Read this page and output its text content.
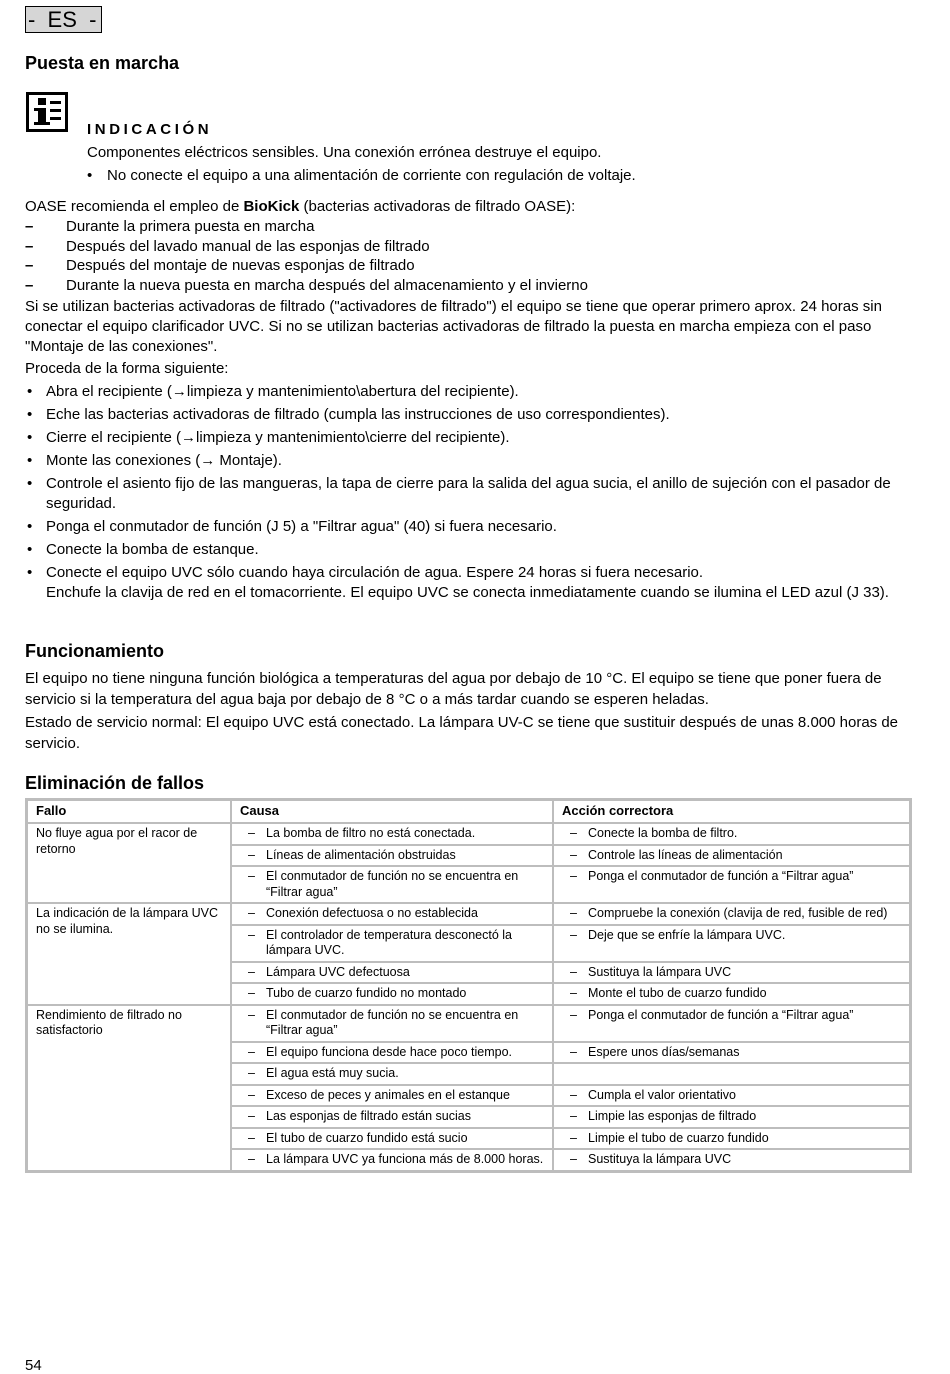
-  ES  -
Puesta en marcha
INDICACIÓN
Componentes eléctricos sensibles. Una conexión errónea destruye el equipo.
• No conecte el equipo a una alimentación de corriente con regulación de voltaje.

OASE recomienda el empleo de BioKick (bacterias activadoras de filtrado OASE):

– Durante la primera puesta en marcha
– Después del lavado manual de las esponjas de filtrado
– Después del montaje de nuevas esponjas de filtrado
– Durante la nueva puesta en marcha después del almacenamiento y el invierno

Si se utilizan bacterias activadoras de filtrado ("activadores de filtrado") el equipo se tiene que operar primero aprox. 24 horas sin conectar el equipo clarificador UVC. Si no se utilizan bacterias activadoras de filtrado la puesta en marcha empieza con el paso "Montaje de las conexiones".

Proceda de la forma siguiente:

• Abra el recipiente (→limpieza y mantenimiento\abertura del recipiente).
• Eche las bacterias activadoras de filtrado (cumpla las instrucciones de uso correspondientes).
• Cierre el recipiente (→limpieza y mantenimiento\cierre del recipiente).
• Monte las conexiones (→ Montaje).
• Controle el asiento fijo de las mangueras, la tapa de cierre para la salida del agua sucia, el anillo de sujeción con el pasador de seguridad.
• Ponga el conmutador de función (J 5) a "Filtrar agua" (40) si fuera necesario.
• Conecte la bomba de estanque.
• Conecte el equipo UVC sólo cuando haya circulación de agua. Espere 24 horas si fuera necesario.
Enchufe la clavija de red en el tomacorriente. El equipo UVC se conecta inmediatamente cuando se ilumina el LED azul (J 33).
Funcionamiento

El equipo no tiene ninguna función biológica a temperaturas del agua por debajo de 10 °C. El equipo se tiene que poner fuera de servicio si la temperatura del agua baja por debajo de 8 °C o a más tardar cuando se esperen heladas.

Estado de servicio normal: El equipo UVC está conectado. La lámpara UV-C se tiene que sustituir después de unas 8.000 horas de servicio.

Eliminación de fallos
Fallo	Causa	Acción correctora
No fluye agua por el racor de retorno	– La bomba de filtro no está conectada.	– Conecte la bomba de filtro.

	– Líneas de alimentación obstruidas	– Controle las líneas de alimentación

	– El conmutador de función no se encuentra en “Filtrar agua”	– Ponga el conmutador de función a “Filtrar agua”

La indicación de la lámpara UVC no se ilumina.	– Conexión defectuosa o no establecida	– Compruebe la conexión (clavija de red, fusible de red)

	– El controlador de temperatura desconectó la lámpara UVC.	– Deje que se enfríe la lámpara UVC.

	– Lámpara UVC defectuosa	– Sustituya la lámpara UVC

	– Tubo de cuarzo fundido no montado	– Monte el tubo de cuarzo fundido

Rendimiento de filtrado no satisfactorio	– El conmutador de función no se encuentra en “Filtrar agua”	– Ponga el conmutador de función a “Filtrar agua”

	– El equipo funciona desde hace poco tiempo.	– Espere unos días/semanas

	– El agua está muy sucia.

	– Exceso de peces y animales en el estanque	– Cumpla el valor orientativo

	– Las esponjas de filtrado están sucias	– Limpie las esponjas de filtrado

	– El tubo de cuarzo fundido está sucio	– Limpie el tubo de cuarzo fundido

	– La lámpara UVC ya funciona más de 8.000 horas.	– Sustituya la lámpara UVC
54
